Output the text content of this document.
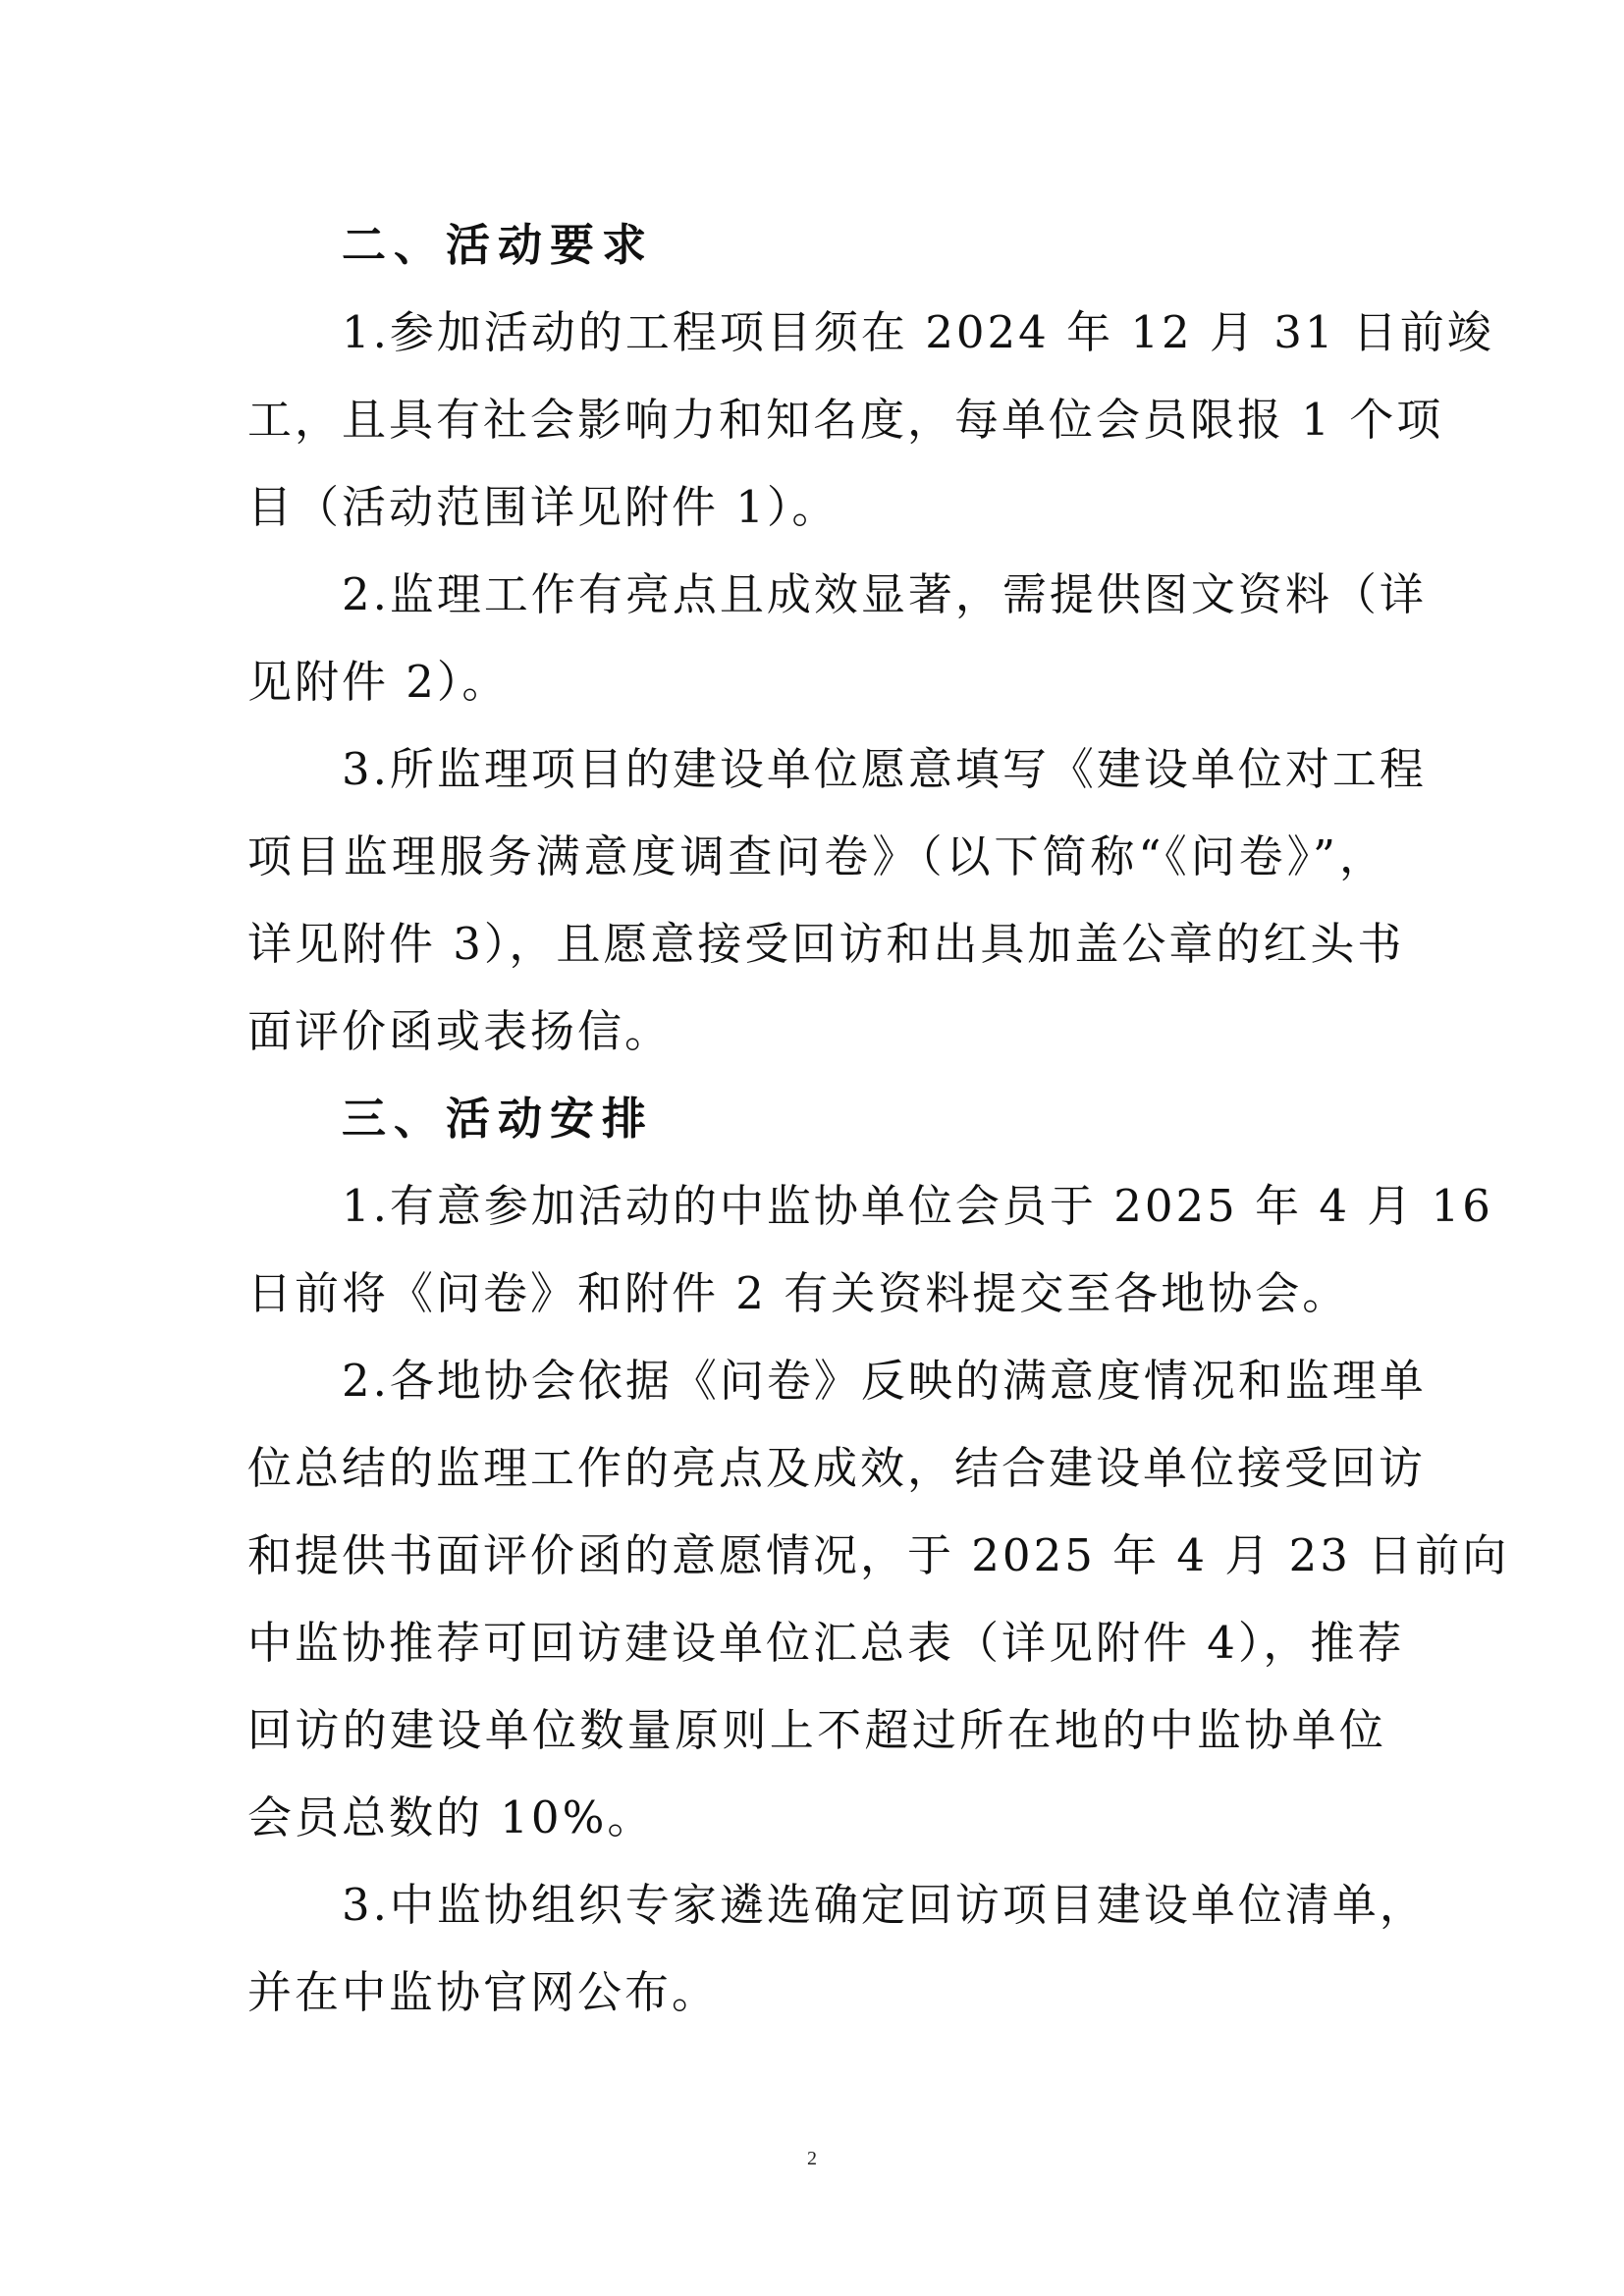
二、活动要求
1.参加活动的工程项目须在 2024 年 12 月 31 日前竣
工，且具有社会影响力和知名度，每单位会员限报 1 个项
目（活动范围详见附件 1）。
2.监理工作有亮点且成效显著，需提供图文资料（详
见附件 2）。
3.所监理项目的建设单位愿意填写《建设单位对工程
项目监理服务满意度调查问卷》（以下简称“《问卷》”，
详见附件 3），且愿意接受回访和出具加盖公章的红头书
面评价函或表扬信。
三、活动安排
1.有意参加活动的中监协单位会员于 2025 年 4 月 16
日前将《问卷》和附件 2 有关资料提交至各地协会。
2.各地协会依据《问卷》反映的满意度情况和监理单
位总结的监理工作的亮点及成效，结合建设单位接受回访
和提供书面评价函的意愿情况，于 2025 年 4 月 23 日前向
中监协推荐可回访建设单位汇总表（详见附件 4），推荐
回访的建设单位数量原则上不超过所在地的中监协单位
会员总数的 10%。
3.中监协组织专家遴选确定回访项目建设单位清单，
并在中监协官网公布。
2
